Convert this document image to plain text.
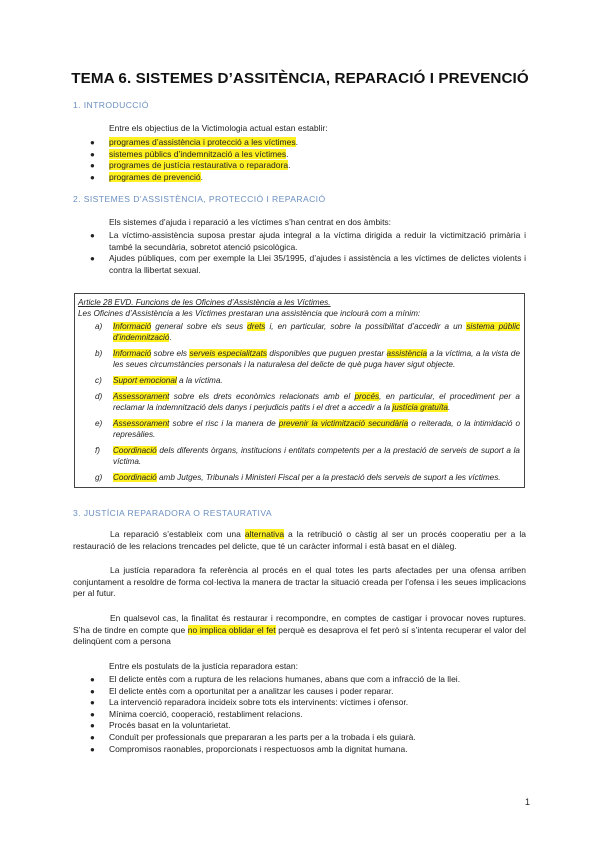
TEMA 6. SISTEMES D’ASSITÈNCIA, REPARACIÓ I PREVENCIÓ
1. INTRODUCCIÓ
Entre els objectius de la Victimologia actual estan establir:
● programes d’assistència i protecció a les víctimes.
● sistemes públics d’indemnització a les víctimes.
● programes de justícia restaurativa o reparadora.
● programes de prevenció.
2. SISTEMES D’ASSISTÈNCIA, PROTECCIÓ I REPARACIÓ
Els sistemes d’ajuda i reparació a les víctimes s’han centrat en dos àmbits:
● La víctimo-assistència suposa prestar ajuda integral a la víctima dirigida a reduir la victimització primària i també la secundària, sobretot atenció psicològica.
● Ajudes públiques, com per exemple la Llei 35/1995, d’ajudes i assistència a les víctimes de delictes violents i contra la llibertat sexual.
Article 28 EVD. Funcions de les Oficines d’Assistència a les Víctimes.
Les Oficines d’Assistència a les Víctimes prestaran una assistència que inclourà com a mínim:
a) Informació general sobre els seus drets i, en particular, sobre la possibilitat d’accedir a un sistema públic d’indemnització.
b) Informació sobre els serveis especialitzats disponibles que puguen prestar assistència a la víctima, a la vista de les seues circumstàncies personals i la naturalesa del delicte de què puga haver sigut objecte.
c) Suport emocional a la víctima.
d) Assessorament sobre els drets econòmics relacionats amb el procés, en particular, el procediment per a reclamar la indemnització dels danys i perjudicis patits i el dret a accedir a la justícia gratuïta.
e) Assessorament sobre el risc i la manera de prevenir la victimització secundària o reiterada, o la intimidació o represàlies.
f) Coordinació dels diferents òrgans, institucions i entitats competents per a la prestació de serveis de suport a la víctima.
g) Coordinació amb Jutges, Tribunals i Ministeri Fiscal per a la prestació dels serveis de suport a les víctimes.
3. JUSTÍCIA REPARADORA O RESTAURATIVA
La reparació s’estableix com una alternativa a la retribució o càstig al ser un procés cooperatiu per a la restauració de les relacions trencades pel delicte, que té un caràcter informal i està basat en el diàleg.
La justícia reparadora fa referència al procés en el qual totes les parts afectades per una ofensa arriben conjuntament a resoldre de forma col·lectiva la manera de tractar la situació creada per l’ofensa i les seues implicacions per al futur.
En qualsevol cas, la finalitat és restaurar i recompondre, en comptes de castigar i provocar noves ruptures. S’ha de tindre en compte que no implica oblidar el fet perquè es desaprova el fet però sí s’intenta recuperar el valor del delinqüent com a persona
Entre els postulats de la justícia reparadora estan:
● El delicte entès com a ruptura de les relacions humanes, abans que com a infracció de la llei.
● El delicte entès com a oportunitat per a analitzar les causes i poder reparar.
● La intervenció reparadora incideix sobre tots els intervinents: víctimes i ofensor.
● Mínima coerció, cooperació, restabliment relacions.
● Procés basat en la voluntarietat.
● Conduït per professionals que prepararan a les parts per a la trobada i els guiarà.
● Compromisos raonables, proporcionats i respectuosos amb la dignitat humana.
1
